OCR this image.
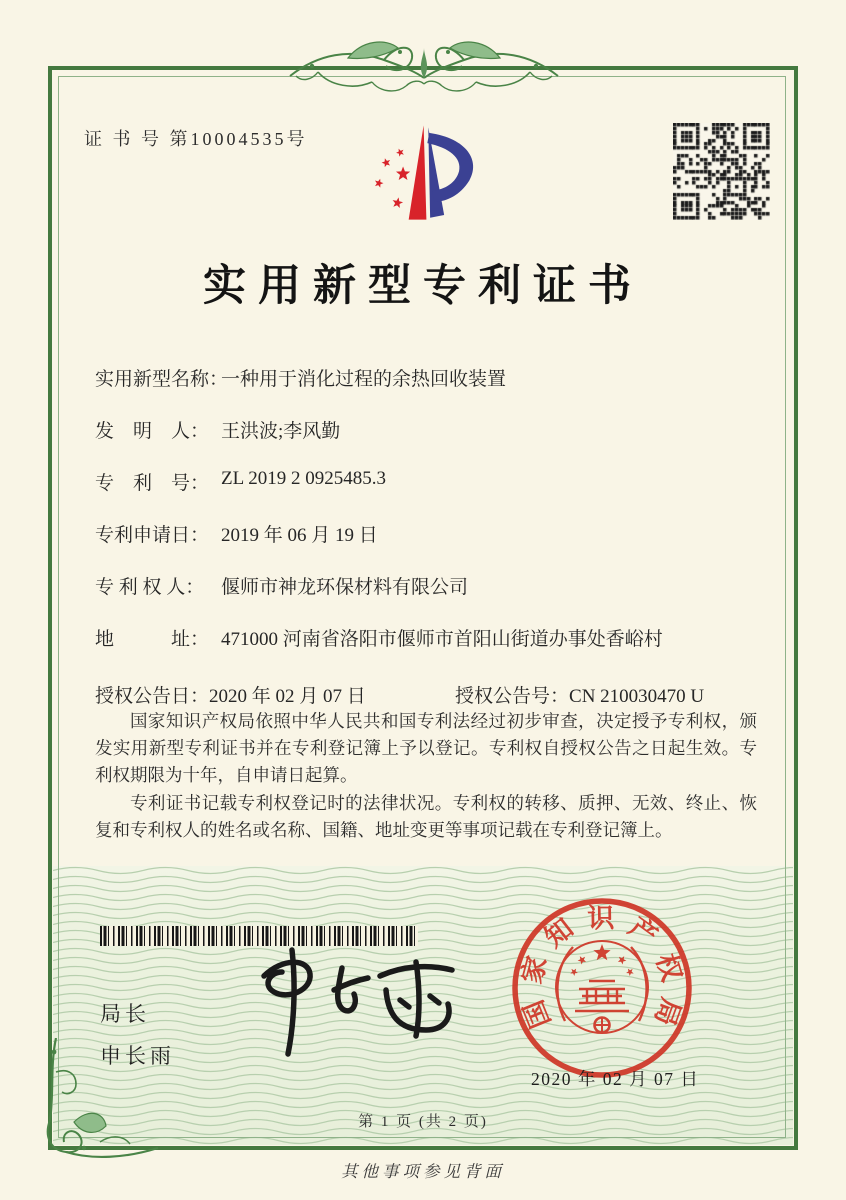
证 书 号 第10004535号
实用新型专利证书
实用新型名称：
一种用于消化过程的余热回收装置
发　明　人： 王洪波;李风勤
专　利　号： ZL 2019 2 0925485.3
专利申请日： 2019 年 06 月 19 日
专 利 权 人： 偃师市神龙环保材料有限公司
地　　　址： 471000 河南省洛阳市偃师市首阳山街道办事处香峪村
授权公告日：2020 年 02 月 07 日	授权公告号：CN 210030470 U

国家知识产权局依照中华人民共和国专利法经过初步审查，决定授予专利权，颁发实用新型专利证书并在专利登记簿上予以登记。专利权自授权公告之日起生效。专利权期限为十年，自申请日起算。

专利证书记载专利权登记时的法律状况。专利权的转移、质押、无效、终止、恢复和专利权人的姓名或名称、国籍、地址变更等事项记载在专利登记簿上。

局长
申长雨
国
家
知 识 产
权
局
2020 年 02 月 07 日
第 1 页 (共 2 页)
其他事项参见背面
